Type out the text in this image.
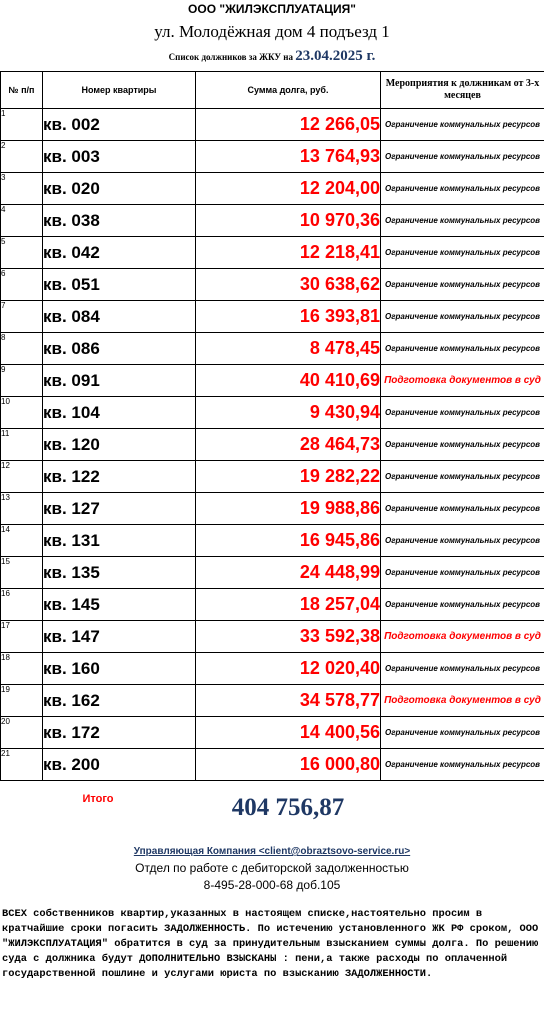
ООО "ЖИЛЭКСПЛУАТАЦИЯ"
ул. Молодёжная дом 4 подъезд 1
Список должников за ЖКУ на 23.04.2025 г.
№ п/п	Номер квартиры	Сумма долга, руб.	Мероприятия к должникам от 3-х месяцев
1	кв. 002	12 266,05	Ограничение коммунальных ресурсов
2	кв. 003	13 764,93	Ограничение коммунальных ресурсов
3	кв. 020	12 204,00	Ограничение коммунальных ресурсов
4	кв. 038	10 970,36	Ограничение коммунальных ресурсов
5	кв. 042	12 218,41	Ограничение коммунальных ресурсов
6	кв. 051	30 638,62	Ограничение коммунальных ресурсов
7	кв. 084	16 393,81	Ограничение коммунальных ресурсов
8	кв. 086	8 478,45	Ограничение коммунальных ресурсов
9	кв. 091	40 410,69	Подготовка документов в суд
10	кв. 104	9 430,94	Ограничение коммунальных ресурсов
11	кв. 120	28 464,73	Ограничение коммунальных ресурсов
12	кв. 122	19 282,22	Ограничение коммунальных ресурсов
13	кв. 127	19 988,86	Ограничение коммунальных ресурсов
14	кв. 131	16 945,86	Ограничение коммунальных ресурсов
15	кв. 135	24 448,99	Ограничение коммунальных ресурсов
16	кв. 145	18 257,04	Ограничение коммунальных ресурсов
17	кв. 147	33 592,38	Подготовка документов в суд
18	кв. 160	12 020,40	Ограничение коммунальных ресурсов
19	кв. 162	34 578,77	Подготовка документов в суд
20	кв. 172	14 400,56	Ограничение коммунальных ресурсов
21	кв. 200	16 000,80	Ограничение коммунальных ресурсов
Итого		404 756,87	
Управляющая Компания <client@obraztsovo-service.ru>
Отдел по работе с дебиторской задолженностью
8-495-28-000-68 доб.105
ВСЕХ собственников квартир,указанных в настоящем списке,настоятельно просим в кратчайшие сроки погасить ЗАДОЛЖЕННОСТЬ. По истечению установленного ЖК РФ сроком, ООО "ЖИЛЭКСПЛУАТАЦИЯ" обратится в суд за принудительным взысканием суммы долга. По решению суда с должника будут ДОПОЛНИТЕЛЬНО ВЗЫСКАНЫ : пени,а также расходы по оплаченной государственной пошлине и услугами юриста по взысканию ЗАДОЛЖЕННОСТИ.
